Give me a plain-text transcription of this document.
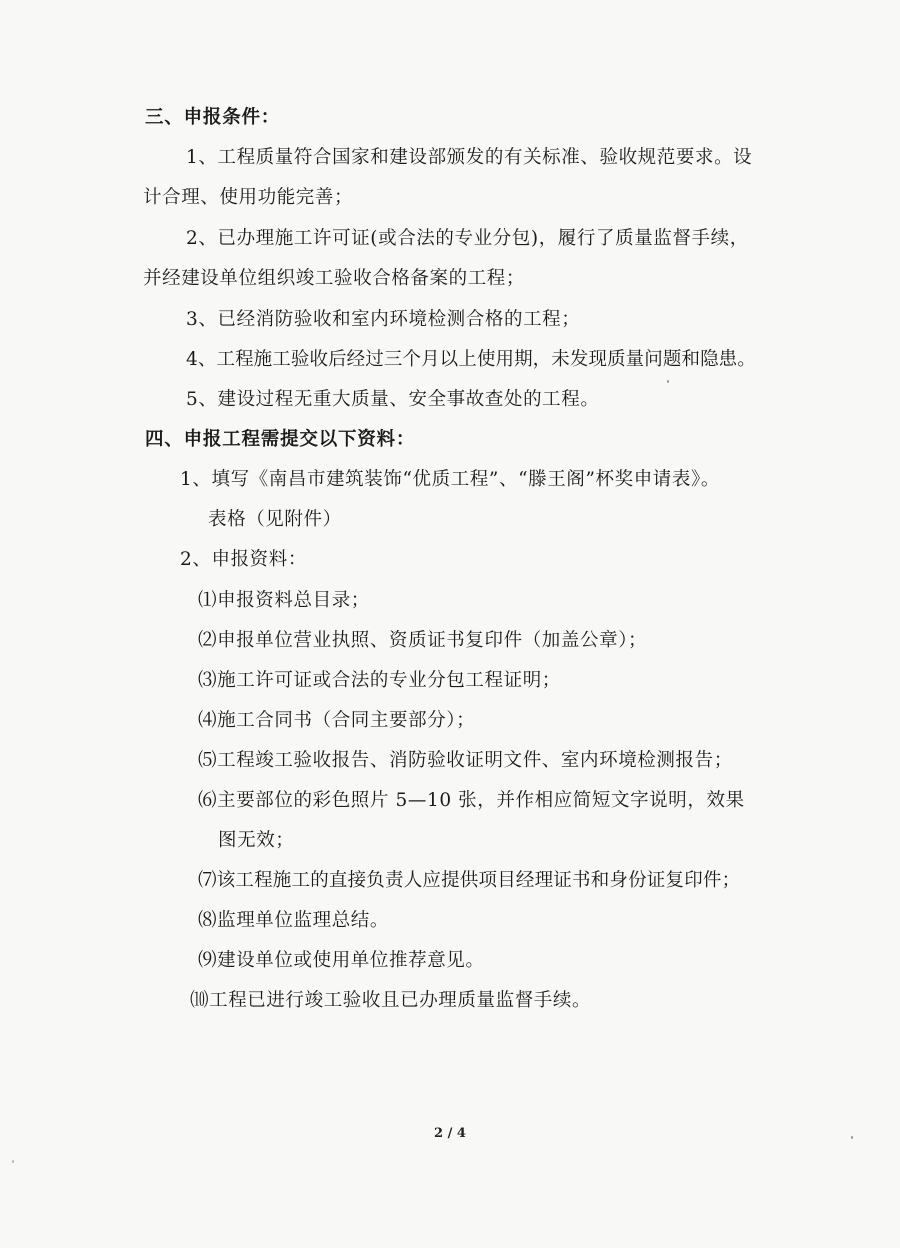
三、申报条件：
1、工程质量符合国家和建设部颁发的有关标准、验收规范要求。设
计合理、使用功能完善；
2、已办理施工许可证(或合法的专业分包)，履行了质量监督手续，
并经建设单位组织竣工验收合格备案的工程；
3、已经消防验收和室内环境检测合格的工程；
4、工程施工验收后经过三个月以上使用期，未发现质量问题和隐患。
5、建设过程无重大质量、安全事故查处的工程。
四、申报工程需提交以下资料：
1、填写《南昌市建筑装饰“优质工程”、“滕王阁”杯奖申请表》。
表格（见附件）
2、申报资料：
⑴申报资料总目录；
⑵申报单位营业执照、资质证书复印件（加盖公章）；
⑶施工许可证或合法的专业分包工程证明；
⑷施工合同书（合同主要部分）；
⑸工程竣工验收报告、消防验收证明文件、室内环境检测报告；
⑹主要部位的彩色照片 5—10 张，并作相应简短文字说明，效果
图无效；
⑺该工程施工的直接负责人应提供项目经理证书和身份证复印件；
⑻监理单位监理总结。
⑼建设单位或使用单位推荐意见。
⑽工程已进行竣工验收且已办理质量监督手续。
2 / 4
